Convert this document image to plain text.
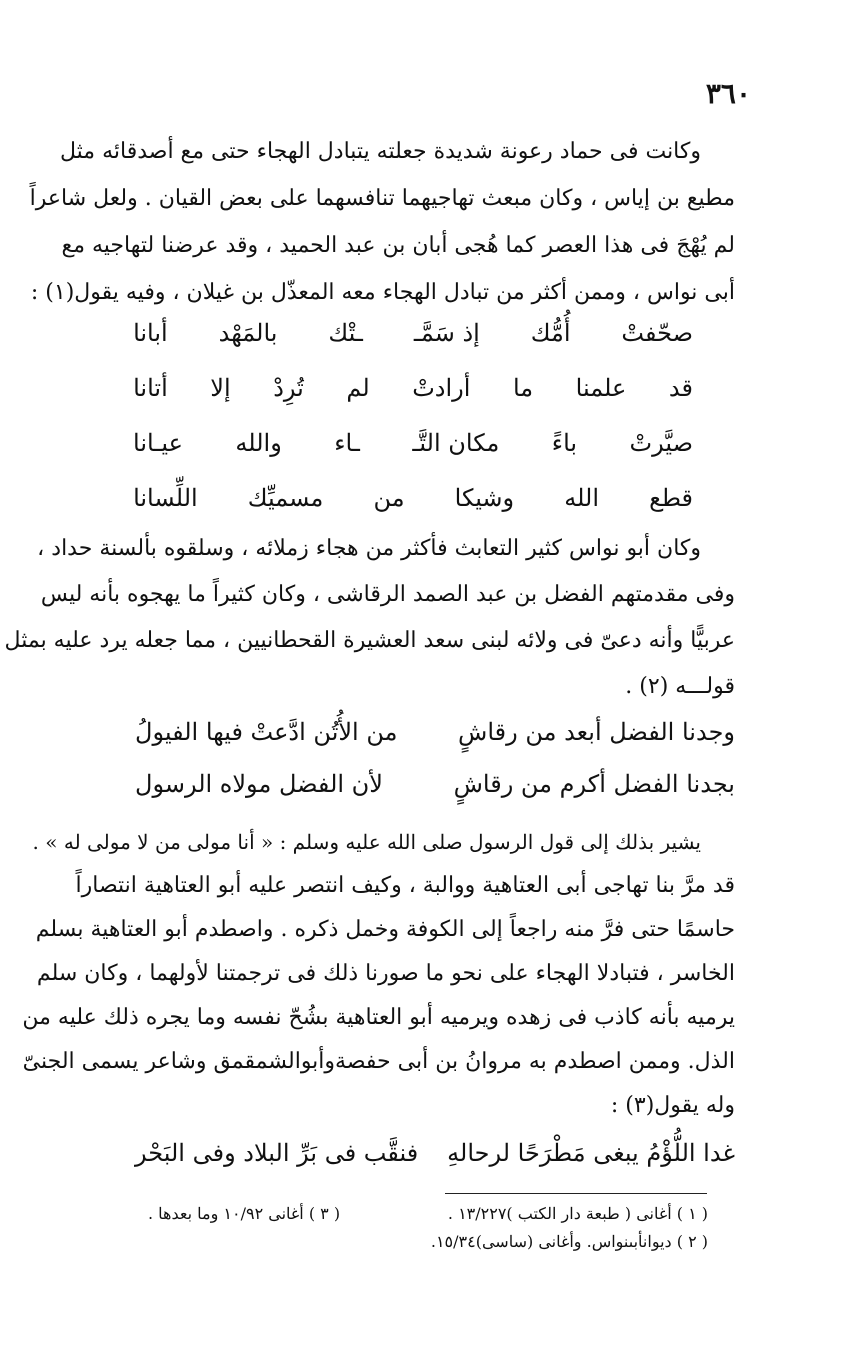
٣٦٠
وكانت فى حماد رعونة شديدة جعلته يتبادل الهجاء حتى مع أصدقائه مثل
مطيع بن إياس ، وكان مبعث تهاجيهما تنافسهما على بعض القيان . ولعل شاعراً
لم يُهْجَ فى هذا العصر كما هُجى أبان بن عبد الحميد ، وقد عرضنا لتهاجيه مع
أبى نواس ، وممن أكثر من تبادل الهجاء معه المعذّل بن غيلان ، وفيه يقول(١) :
صحّفتْ
أُمُّك
إذ سَمَّـ
ـتْك
بالمَهْد
أبانا
قد
علمنا
ما
أرادتْ
لم
تُرِدْ
إلا
أتانا
صيَّرتْ
باءً
مكان التَّـ
ـاء
والله
عيـانا
قطع
الله
وشيكا
من
مسميِّك
اللِّسانا
وكان أبو نواس كثير التعابث فأكثر من هجاء زملائه ، وسلقوه بألسنة حداد ،
وفى مقدمتهم الفضل بن عبد الصمد الرقاشى ، وكان كثيراً ما يهجوه بأنه ليس
عربيًّا وأنه دعىّ فى ولائه لبنى سعد العشيرة القحطانيين ، مما جعله يرد عليه بمثل
قولـــه (٢) .
وجدنا الفضل أبعد من رقاشٍ
من الأُتُن ادَّعتْ فيها الفيولُ
بجدنا الفضل أكرم من رقاشٍ
لأن الفضل مولاه الرسول
يشير بذلك إلى قول الرسول صلى الله عليه وسلم : « أنا مولى من لا مولى له » .
قد مرَّ بنا تهاجى أبى العتاهية ووالبة ، وكيف انتصر عليه أبو العتاهية انتصاراً
حاسمًا حتى فرَّ منه راجعاً إلى الكوفة وخمل ذكره . واصطدم أبو العتاهية بسلم
الخاسر ، فتبادلا الهجاء على نحو ما صورنا ذلك فى ترجمتنا لأولهما ، وكان سلم
يرميه بأنه كاذب فى زهده ويرميه أبو العتاهية بشُحّ نفسه وما يجره ذلك عليه من
الذل. وممن اصطدم به مروانُ بن أبى حفصةوأبوالشمقمق وشاعر يسمى الجنىّ
وله يقول(٣) :
غدا اللُّؤْمُ يبغى مَطْرَحًا لرحالهِ
فنقَّب فى بَرِّ البلاد وفى البَحْر
( ١ ) أغانى ( طبعة دار الكتب )١٣/٢٢٧ .
( ٣ ) أغانى ١٠/٩٢ وما بعدها .
( ٢ ) ديوانأبىنواس. وأغانى (ساسى)١٥/٣٤.
